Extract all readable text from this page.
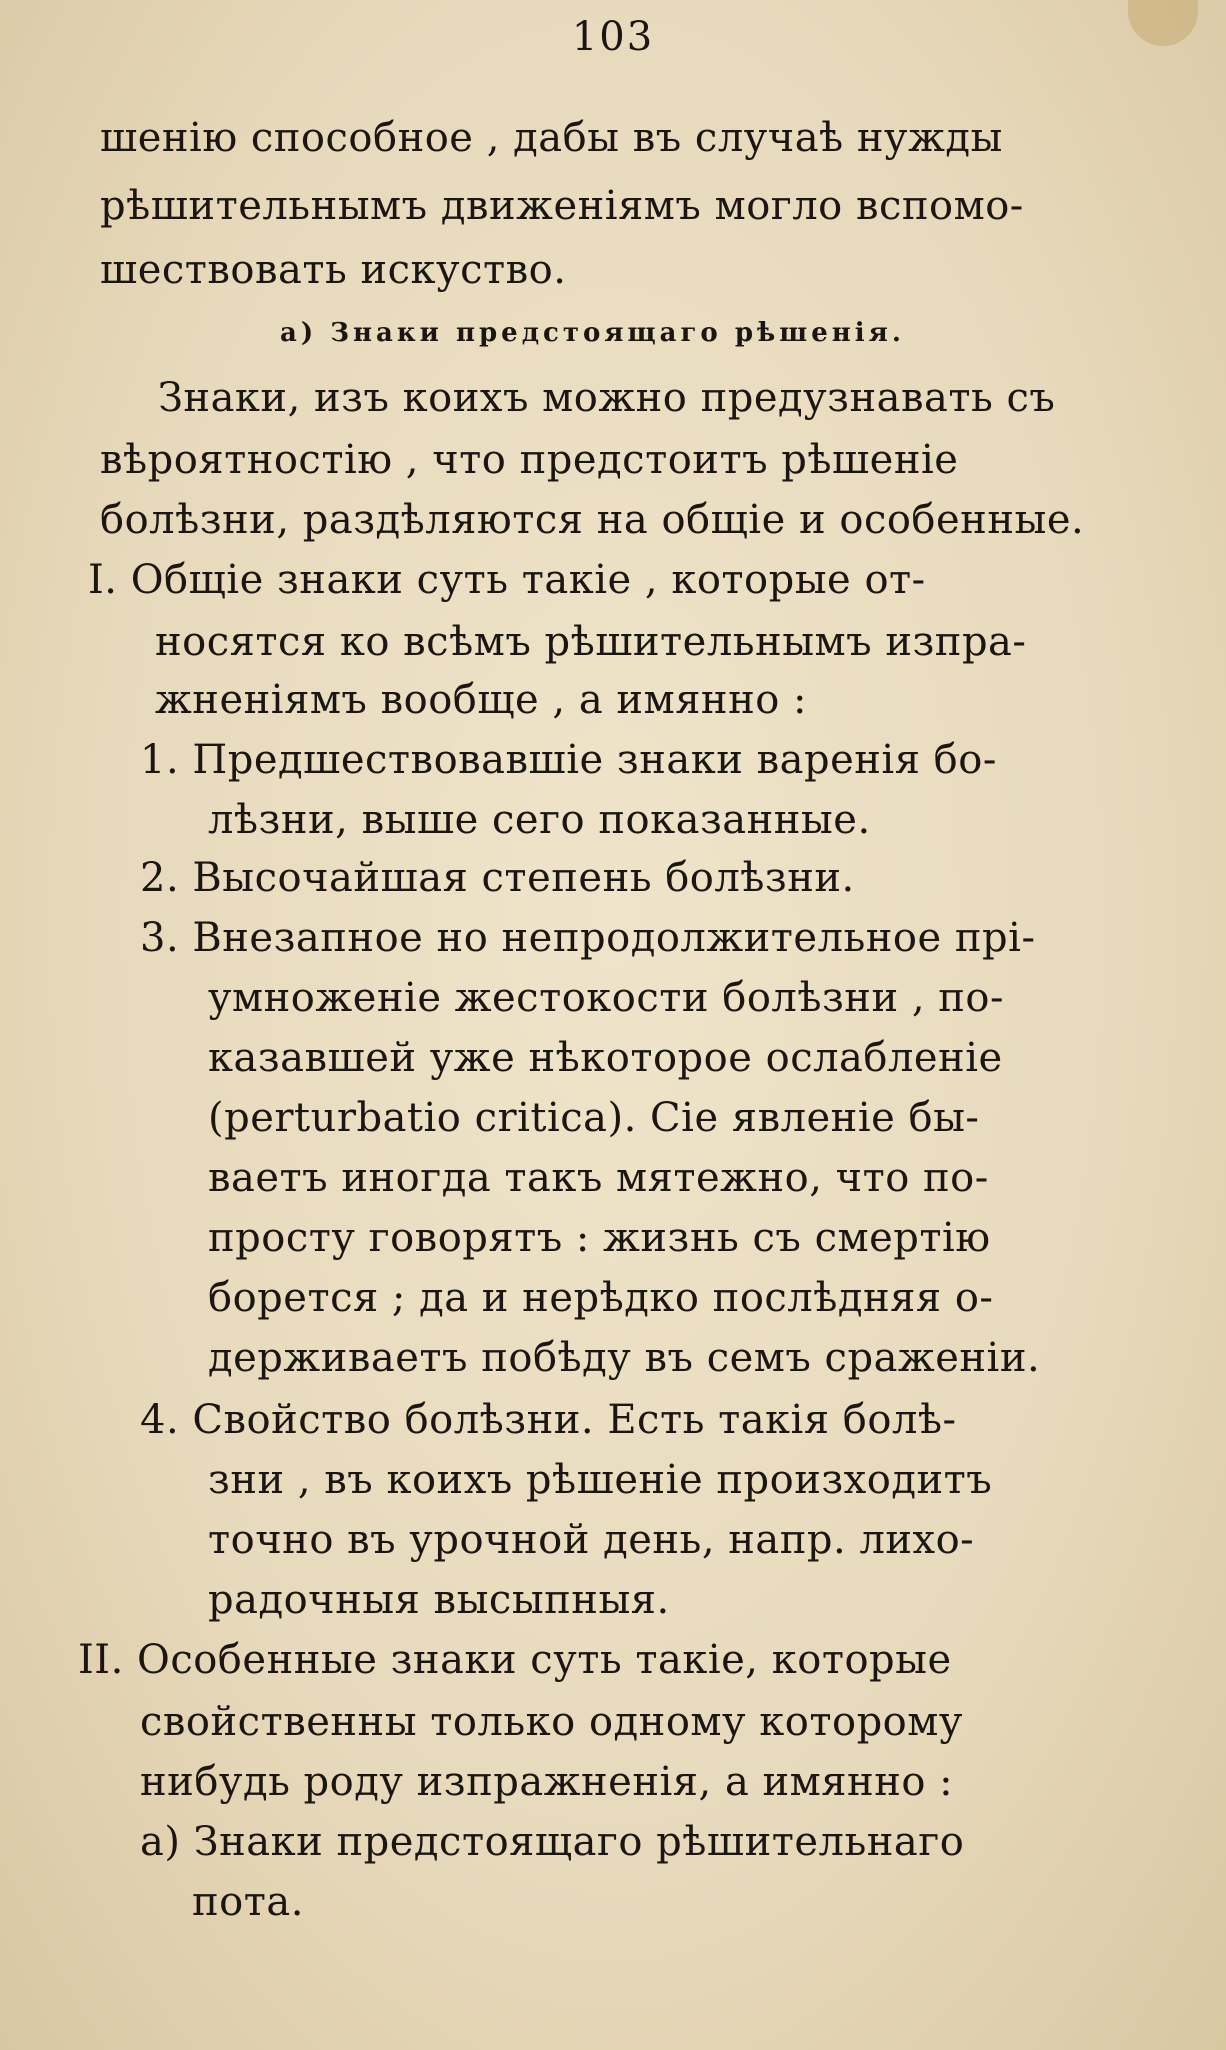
103
шенію способное , дабы въ случаѣ нужды
рѣшительнымъ движеніямъ могло вспомо-
шествовать искуство.
а) Знаки предстоящаго рѣшенія.
Знаки, изъ коихъ можно предузнавать съ
вѣроятностію , что предстоитъ рѣшеніе
болѣзни, раздѣляются на общіе и особенные.
I. Общіе знаки суть такіе , которые от-
носятся ко всѣмъ рѣшительнымъ изпра-
жненіямъ вообще , а имянно :
1. Предшествовавшіе знаки варенія бо-
лѣзни, выше сего показанные.
2. Высочайшая степень болѣзни.
3. Внезапное но непродолжительное прі-
умноженіе жестокости болѣзни , по-
казавшей уже нѣкоторое ослабленіе
(perturbatio critica). Сіе явленіе бы-
ваетъ иногда такъ мятежно, что по-
просту говорятъ : жизнь съ смертію
борется ; да и нерѣдко послѣдняя о-
держиваетъ побѣду въ семъ сраженіи.
4. Свойство болѣзни. Есть такія болѣ-
зни , въ коихъ рѣшеніе произходитъ
точно въ урочной день, напр. лихо-
радочныя высыпныя.
II. Особенные знаки суть такіе, которые
свойственны только одному которому
нибудь роду изпражненія, а имянно :
а) Знаки предстоящаго рѣшительнаго
пота.
